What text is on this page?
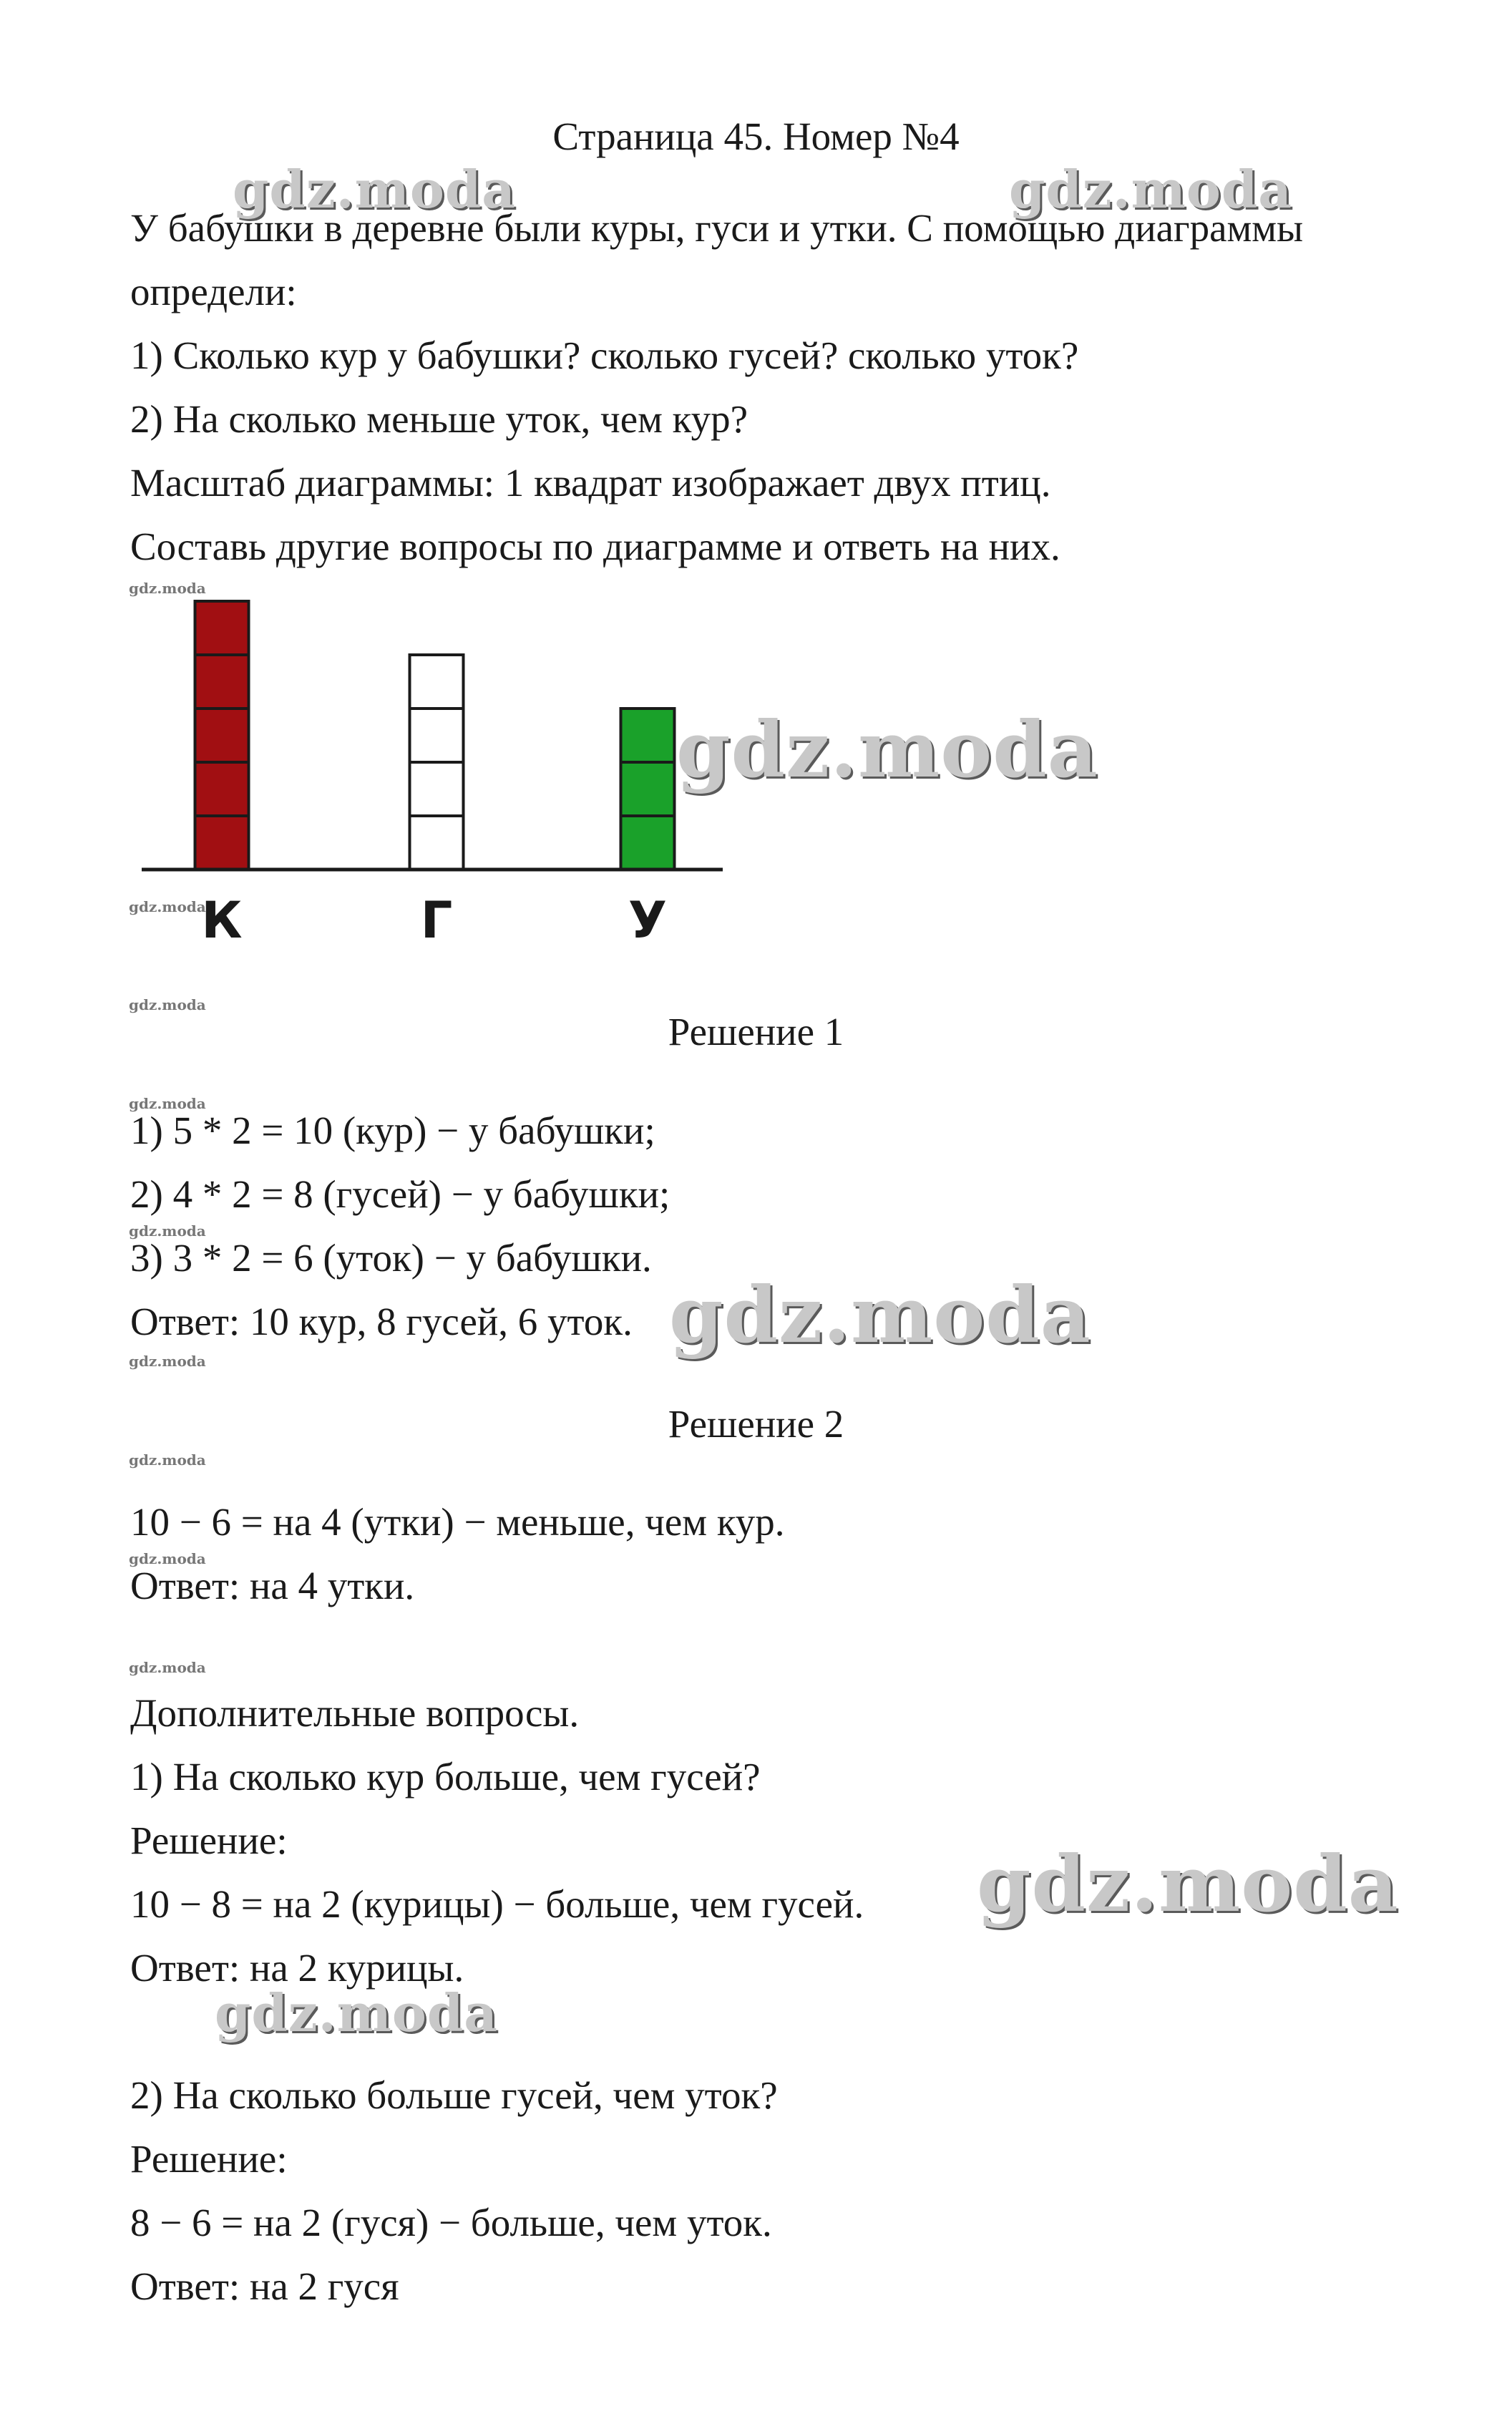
Страница 45. Номер №4
У бабушки в деревне были куры, гуси и утки. С помощью диаграммы
определи:
1) Сколько кур у бабушки? сколько гусей? сколько уток?
2) На сколько меньше уток, чем кур?
Масштаб диаграммы: 1 квадрат изображает двух птиц.
Составь другие вопросы по диаграмме и ответь на них.
К	Г	У
Решение 1
1) 5 * 2 = 10 (кур) − у бабушки;
2) 4 * 2 = 8 (гусей) − у бабушки;
3) 3 * 2 = 6 (уток) − у бабушки.
Ответ: 10 кур, 8 гусей, 6 уток.
Решение 2
10 − 6 = на 4 (утки) − меньше, чем кур.
Ответ: на 4 утки.
Дополнительные вопросы.
1) На сколько кур больше, чем гусей?
Решение:
10 − 8 = на 2 (курицы) − больше, чем гусей.
Ответ: на 2 курицы.
2) На сколько больше гусей, чем уток?
Решение:
8 − 6 = на 2 (гуся) − больше, чем уток.
Ответ: на 2 гуся
gdz.moda	gdz.moda
gdz.moda
gdz.moda
gdz.moda
gdz.moda
gdz.moda
gdz.moda
gdz.moda
gdz.moda
gdz.moda
gdz.moda
gdz.moda
gdz.moda
gdz.moda
